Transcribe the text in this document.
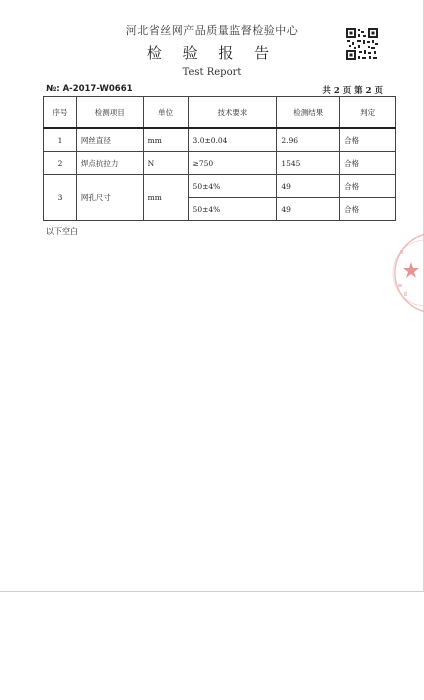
河北省丝网产品质量监督检验中心
检 验 报 告
Test Report
№: A-2017-W0661	共 2 页 第 2 页
序号	检测项目	单位	技术要求	检测结果	判定
1	网丝直径	mm	3.0±0.04	2.96	合格
2	焊点抗拉力	N	≥750	1545	合格
3	网孔尺寸	mm	50±4%	49	合格
			50±4%	49	合格
以下空白
